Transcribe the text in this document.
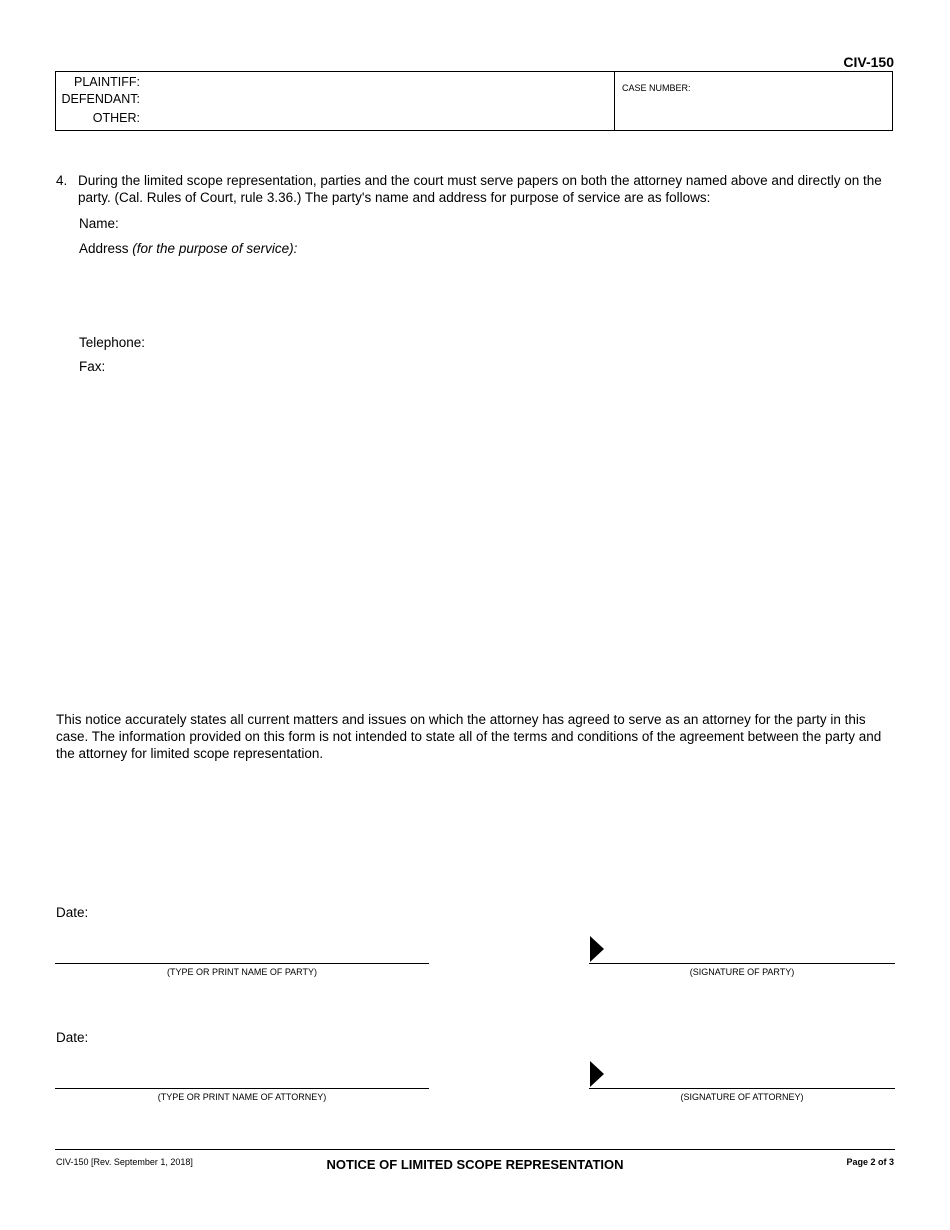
CIV-150
PLAINTIFF:
DEFENDANT:
OTHER:
CASE NUMBER:
4. During the limited scope representation, parties and the court must serve papers on both the attorney named above and directly on the party. (Cal. Rules of Court, rule 3.36.) The party's name and address for purpose of service are as follows:
Name:
Address (for the purpose of service):
Telephone:
Fax:
This notice accurately states all current matters and issues on which the attorney has agreed to serve as an attorney for the party in this case. The information provided on this form is not intended to state all of the terms and conditions of the agreement between the party and the attorney for limited scope representation.
Date:
(TYPE OR PRINT NAME OF PARTY)	(SIGNATURE OF PARTY)
Date:
(TYPE OR PRINT NAME OF ATTORNEY)	(SIGNATURE OF ATTORNEY)
CIV-150 [Rev. September 1, 2018]	NOTICE OF LIMITED SCOPE REPRESENTATION	Page 2 of 3
